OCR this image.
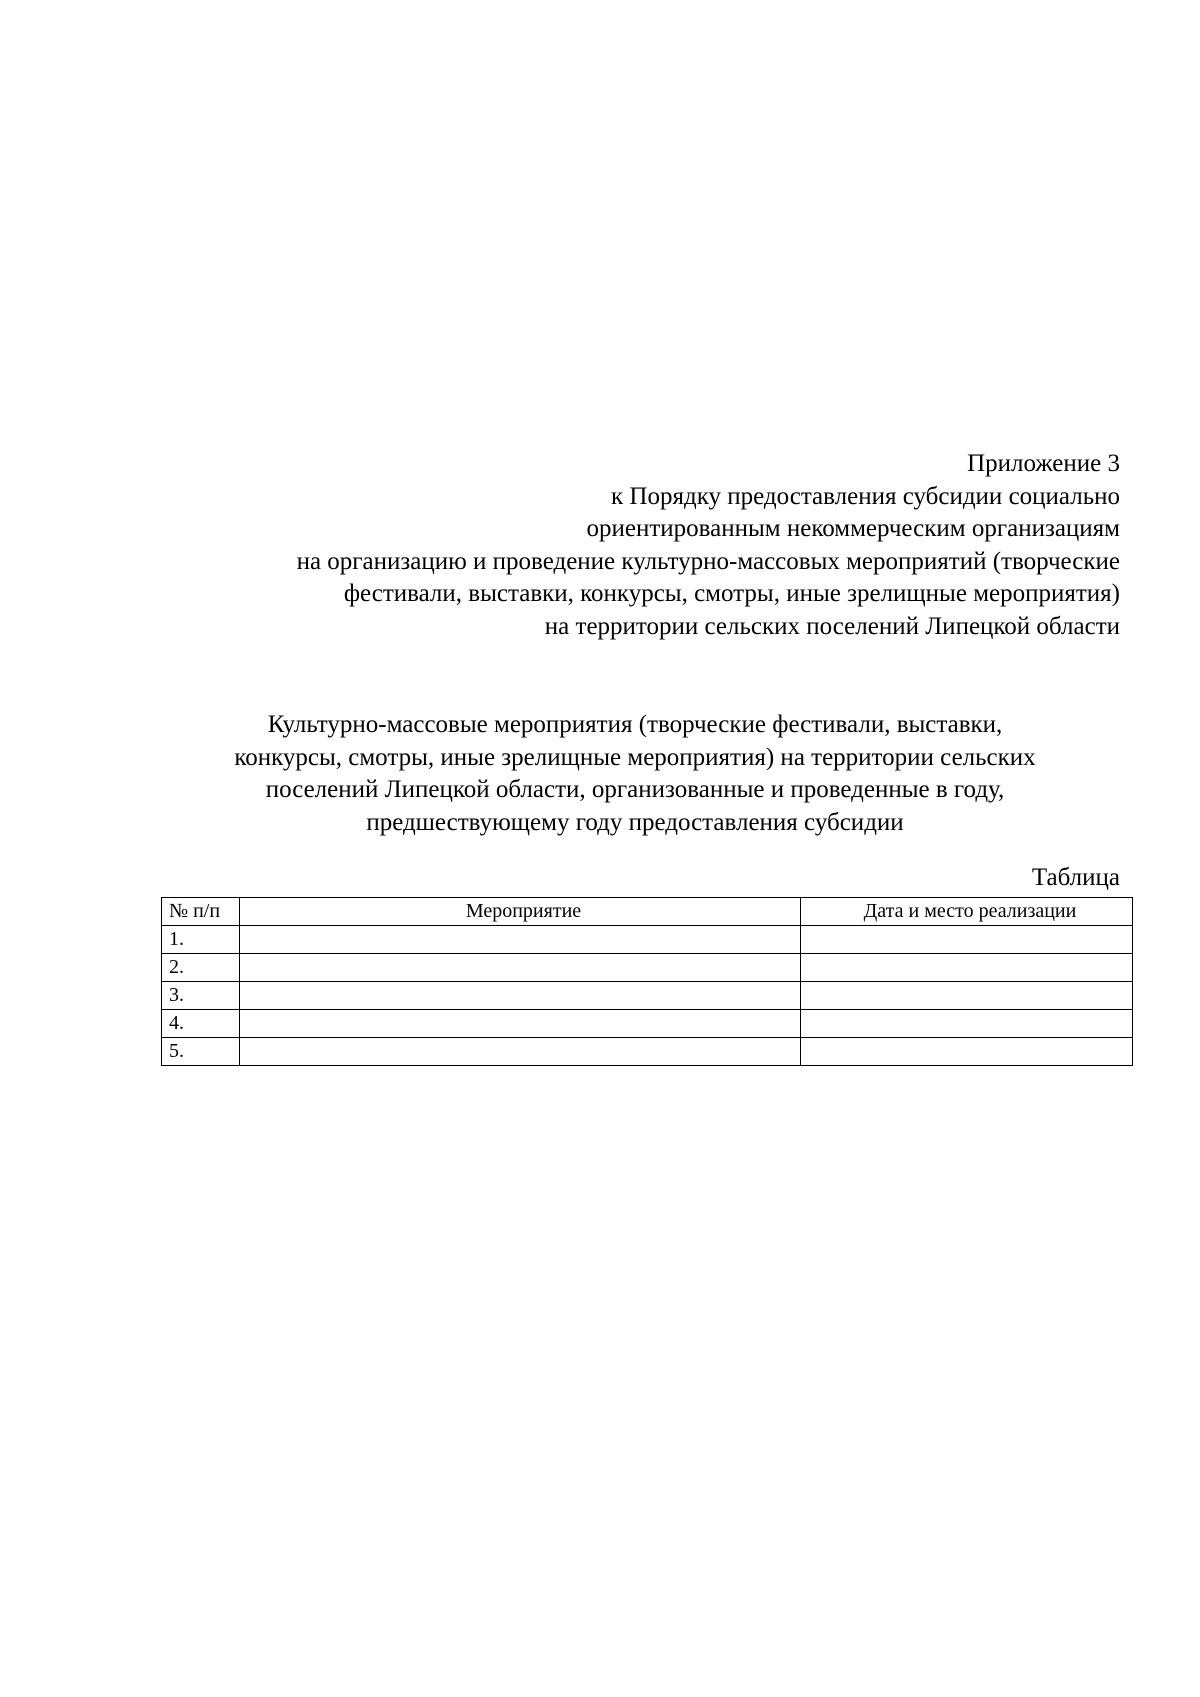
Приложение 3
к Порядку предоставления субсидии социально
ориентированным некоммерческим организациям
на организацию и проведение культурно-массовых мероприятий (творческие
фестивали, выставки, конкурсы, смотры, иные зрелищные мероприятия)
на территории сельских поселений Липецкой области
Культурно-массовые мероприятия (творческие фестивали, выставки,
конкурсы, смотры, иные зрелищные мероприятия) на территории сельских
поселений Липецкой области, организованные и проведенные в году,
предшествующему году предоставления субсидии
Таблица
№ п/п	Мероприятие	Дата и место реализации
1.		
2.		
3.		
4.		
5.		
